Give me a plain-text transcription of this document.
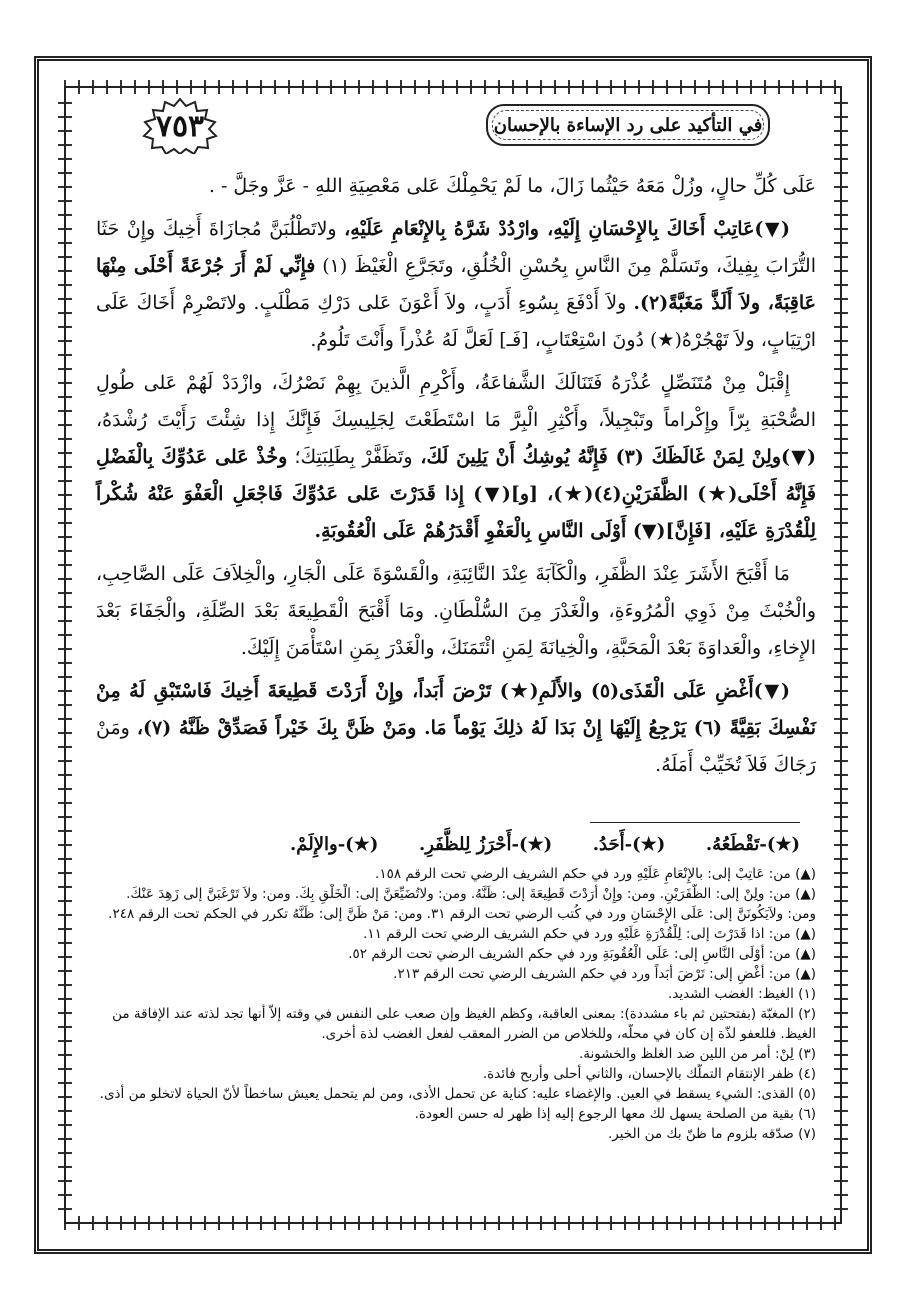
٧٥٣	في التأكيد على رد الإساءة بالإحسان

عَلَى كُلِّ حالٍ، وزُلْ مَعَهُ حَيْثُما زَالَ، ما لَمْ يَحْمِلْكَ عَلى مَعْصِيَةِ اللهِ - عَزَّ وجَلَّ - .

(▼)عَاتِبْ أَخَاكَ بِالإِحْسَانِ إِلَيْهِ، وارْدُدْ شَرَّهُ بِالإِنْعَامِ عَلَيْهِ، ولاتَطْلُبَنَّ مُجازَاةَ أَخِيكَ وإِنْ حَثَا التُّرَابَ بِفِيكَ، وتَسَلَّمْ مِنَ النَّاسِ بِحُسْنِ الْخُلُقِ، وتَجَرَّعِ الْغَيْظَ (١) فإِنِّي لَمْ أَرَ جُرْعَةً أَحْلَى مِنْهَا عَاقِبَةً، ولاَ أَلَذَّ مَغَبَّةً(٢). ولاَ أَدْفَعَ بِسُوءِ أَدَبٍ، ولاَ أَعْوَنَ عَلى دَرْكِ مَطْلَبٍ. ولاتَصْرِمْ أَخَاكَ عَلَى ارْتِيَابٍ، ولاَ تَهْجُرْهُ(★) دُونَ اسْتِعْتَابٍ، [فَـ] لَعَلَّ لَهُ عُذْراً وأَنْتَ تَلُومُ.

إِقْبَلْ مِنْ مُتَنَصِّلٍ عُذْرَهُ فَتَنَالَكَ الشَّفاعَةُ، وأَكْرِمِ الَّذينَ بِهِمْ نَصْرُكَ، وازْدَدْ لَهُمْ عَلى طُولِ الصُّحْبَةِ بِرّاً وإِكْراماً وتَبْجِيلاً، وأَكْثِرِ الْبِرَّ مَا اسْتَطَعْتَ لِجَلِيسِكَ فَإِنَّكَ إِذا شِئْتَ رَأَيْتَ رُشْدَهُ، (▼)ولِنْ لِمَنْ غَالَظَكَ (٣) فَإِنَّهُ يُوشِكُ أَنْ يَلِينَ لَكَ، وتَظَفَّرْ بِطَلِبَتِكَ؛ وخُذْ عَلى عَدُوِّكَ بِالْفَضْلِ فَإِنَّهُ أَحْلَى(★) الظَّفَرَيْنِ(٤)(★)، [و](▼) إِذا قَدَرْتَ عَلى عَدُوِّكَ فَاجْعَلِ الْعَفْوَ عَنْهُ شُكْراً لِلْقُدْرَةِ عَلَيْهِ، [فَإِنَّ](▼) أَوْلَى النَّاسِ بِالْعَفْوِ أَقْدَرُهُمْ عَلَى الْعُقُوبَةِ.

مَا أَقْبَحَ الأَشَرَ عِنْدَ الظَّفَرِ، والْكَآبَةَ عِنْدَ النَّائِبَةِ، والْقَسْوَةَ عَلَى الْجَارِ، والْخِلاَفَ عَلَى الصَّاحِبِ، والْخُبْثَ مِنْ ذَوِي الْمُرُوءَةِ، والْغَدْرَ مِنَ السُّلْطَانِ. ومَا أَقْبَحَ الْقَطِيعَةَ بَعْدَ الصِّلَةِ، والْجَفَاءَ بَعْدَ الإِخاءِ، والْعَداوَةَ بَعْدَ الْمَحَبَّةِ، والْخِيانَةَ لِمَنِ ائْتَمَنَكَ، والْغَدْرَ بِمَنِ اسْتَأْمَنَ إِلَيْكَ.

(▼)أَغْضِ عَلَى الْقَذَى(٥) والأَلَمِ(★) تَرْضَ أَبَداً، وإِنْ أَرَدْتَ قَطِيعَةَ أَخِيكَ فَاسْتَبْقِ لَهُ مِنْ نَفْسِكَ بَقِيَّةً (٦) يَرْجِعُ إِلَيْهَا إِنْ بَدَا لَهُ ذلِكَ يَوْماً مَا. ومَنْ ظَنَّ بِكَ خَيْراً فَصَدِّقْ ظَنَّهُ (٧)، ومَنْ رَجَاكَ فَلاَ تُخَيِّبْ أَمَلَهُ.

(★)-تَقْطَعُهُ.
(★)-أَحَدُ.
(★)-أَحْرَزُ لِلظَّفَرِ.
(★)-والإِلَمْ.
(▲) من: عَاتِبْ إلى: بالإِنْعَامِ عَلَيْهِ ورد في حكم الشريف الرضي تحت الرقم ١٥٨.
(▲) من: ولِنْ إلى: الظَّفَرَيْنِ. ومن: وإِنْ أَرَدْتَ قَطِيعَةَ إلى: ظَنَّهُ. ومن: ولاتُضَيِّعَنَّ إلى: الْخَلْقِ بِكَ. ومن: ولاَ تَرْغَبَنَّ إلى زَهِدَ عَنْكَ.
ومن: ولاَيَكُونَنَّ إلى: عَلَى الإِحْسَانِ ورد في كُتب الرضي تحت الرقم ٣١. ومن: مَنْ ظَنَّ إلى: ظَنَّهُ تكرر في الحكم تحت الرقم ٢٤٨.
(▲) من: اذا قَدَرْتَ إلى: لِلْقُدْرَةِ عَلَيْهِ ورد في حكم الشريف الرضي تحت الرقم ١١.
(▲) من: أَوْلَى النَّاسِ إلى: عَلَى الْعُقُوبَةِ ورد في حكم الشريف الرضي تحت الرقم ٥٢.
(▲) من: أَغْضِ إلى: تَرْضَ أَبَداً ورد في حكم الشريف الرضي تحت الرقم ٢١٣.
(١) الغيظ: الغضب الشديد.
(٢) المغبّة (بفتحتين ثم باء مشددة): بمعنى العاقبة، وكظم الغيظ وإن صعب على النفس في وقته إلاّ أنها تجد لذته عند الإفاقة من
الغيظ. فللعفو لذّة إن كان في محلّه، وللخلاص من الضرر المعقب لفعل الغضب لذة أخرى.
(٣) لِنْ: أمر من اللين ضد الغلظ والخشونة.
(٤) ظفر الإنتقام التملّك بالإحسان، والثاني أحلى وأربح فائدة.
(٥) القذى: الشيء يسقط في العين. والإغضاء عليه: كناية عن تحمل الأذى، ومن لم يتحمل يعيش ساخطاً لأنّ الحياة لاتخلو من أذى.
(٦) بقية من الصلحة يسهل لك معها الرجوع إليه إذا ظهر له حسن العودة.
(٧) صدّقه بلزوم ما ظنّ بك من الخير.
